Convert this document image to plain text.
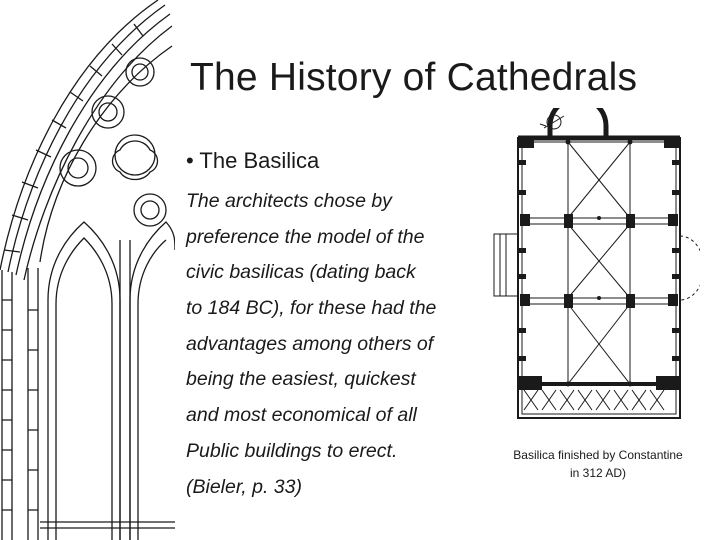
The History of Cathedrals
• The Basilica
The architects chose by
preference the model of the
civic basilicas (dating back
to 184 BC), for these had the
advantages among others of
being the easiest, quickest
and most economical of all
Public buildings to erect.
(Bieler, p. 33)
Basilica finished by Constantine
in 312 AD)
